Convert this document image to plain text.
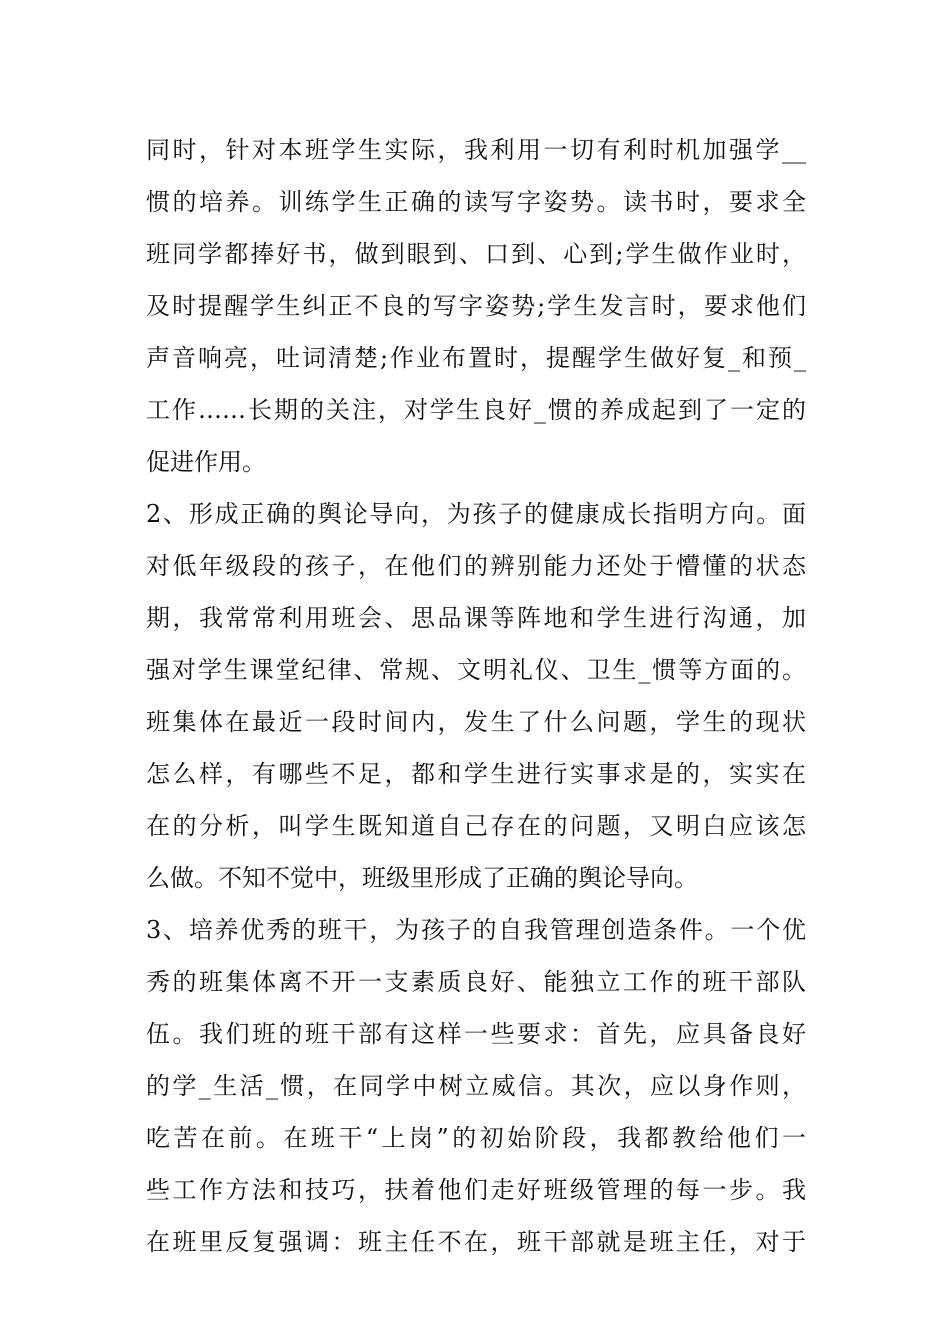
同时，针对本班学生实际，我利用一切有利时机加强学__
惯的培养。训练学生正确的读写字姿势。读书时，要求全
班同学都捧好书，做到眼到、口到、心到;学生做作业时，
及时提醒学生纠正不良的写字姿势;学生发言时，要求他们
声音响亮，吐词清楚;作业布置时，提醒学生做好复_和预_
工作……长期的关注，对学生良好_惯的养成起到了一定的
促进作用。
2、形成正确的舆论导向，为孩子的健康成长指明方向。面
对低年级段的孩子，在他们的辨别能力还处于懵懂的状态
期，我常常利用班会、思品课等阵地和学生进行沟通，加
强对学生课堂纪律、常规、文明礼仪、卫生_惯等方面的。
班集体在最近一段时间内，发生了什么问题，学生的现状
怎么样，有哪些不足，都和学生进行实事求是的，实实在
在的分析，叫学生既知道自己存在的问题，又明白应该怎
么做。不知不觉中，班级里形成了正确的舆论导向。
3、培养优秀的班干，为孩子的自我管理创造条件。一个优
秀的班集体离不开一支素质良好、能独立工作的班干部队
伍。我们班的班干部有这样一些要求：首先，应具备良好
的学_生活_惯，在同学中树立威信。其次，应以身作则，
吃苦在前。在班干“上岗”的初始阶段，我都教给他们一
些工作方法和技巧，扶着他们走好班级管理的每一步。我
在班里反复强调：班主任不在，班干部就是班主任，对于
